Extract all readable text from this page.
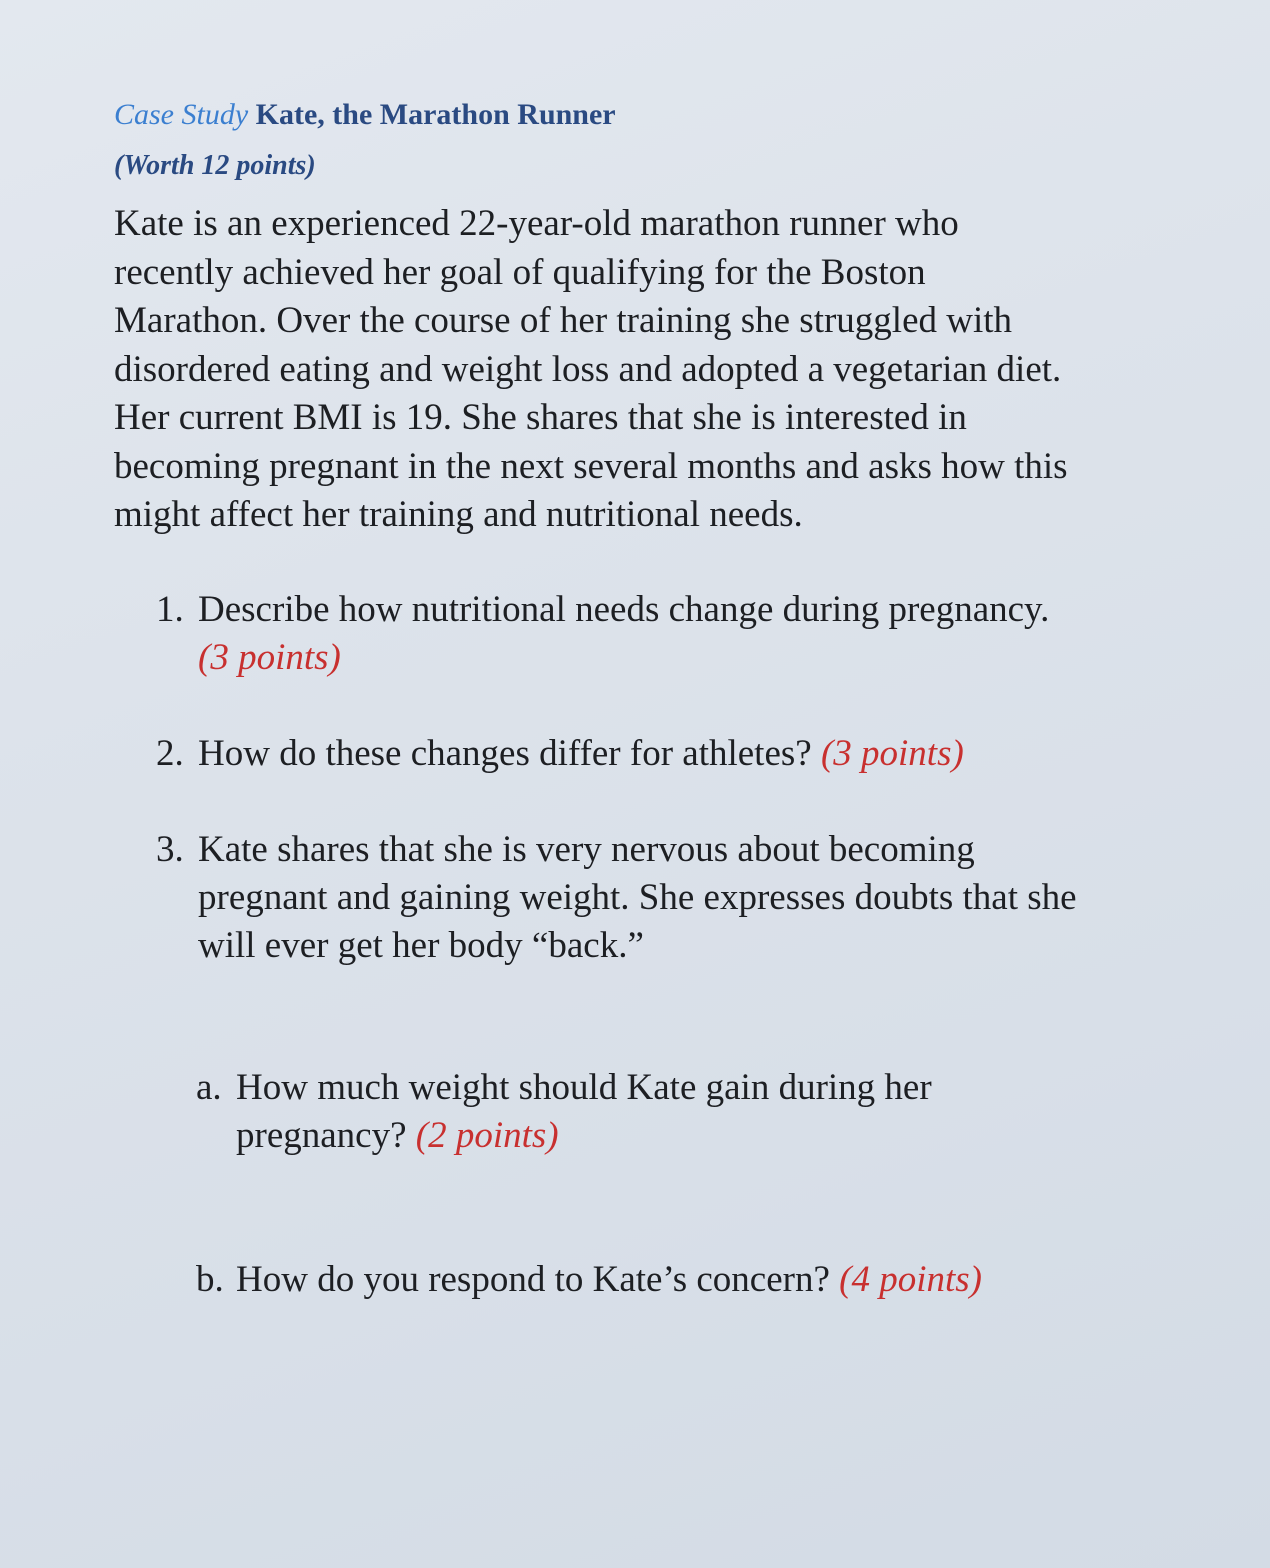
Case Study Kate, the Marathon Runner
(Worth 12 points)
Kate is an experienced 22-year-old marathon runner who
recently achieved her goal of qualifying for the Boston
Marathon. Over the course of her training she struggled with
disordered eating and weight loss and adopted a vegetarian diet.
Her current BMI is 19. She shares that she is interested in
becoming pregnant in the next several months and asks how this
might affect her training and nutritional needs.
1. Describe how nutritional needs change during pregnancy.
(3 points)
2. How do these changes differ for athletes? (3 points)
3. Kate shares that she is very nervous about becoming
pregnant and gaining weight. She expresses doubts that she
will ever get her body “back.”
a. How much weight should Kate gain during her
pregnancy? (2 points)
b. How do you respond to Kate’s concern? (4 points)
